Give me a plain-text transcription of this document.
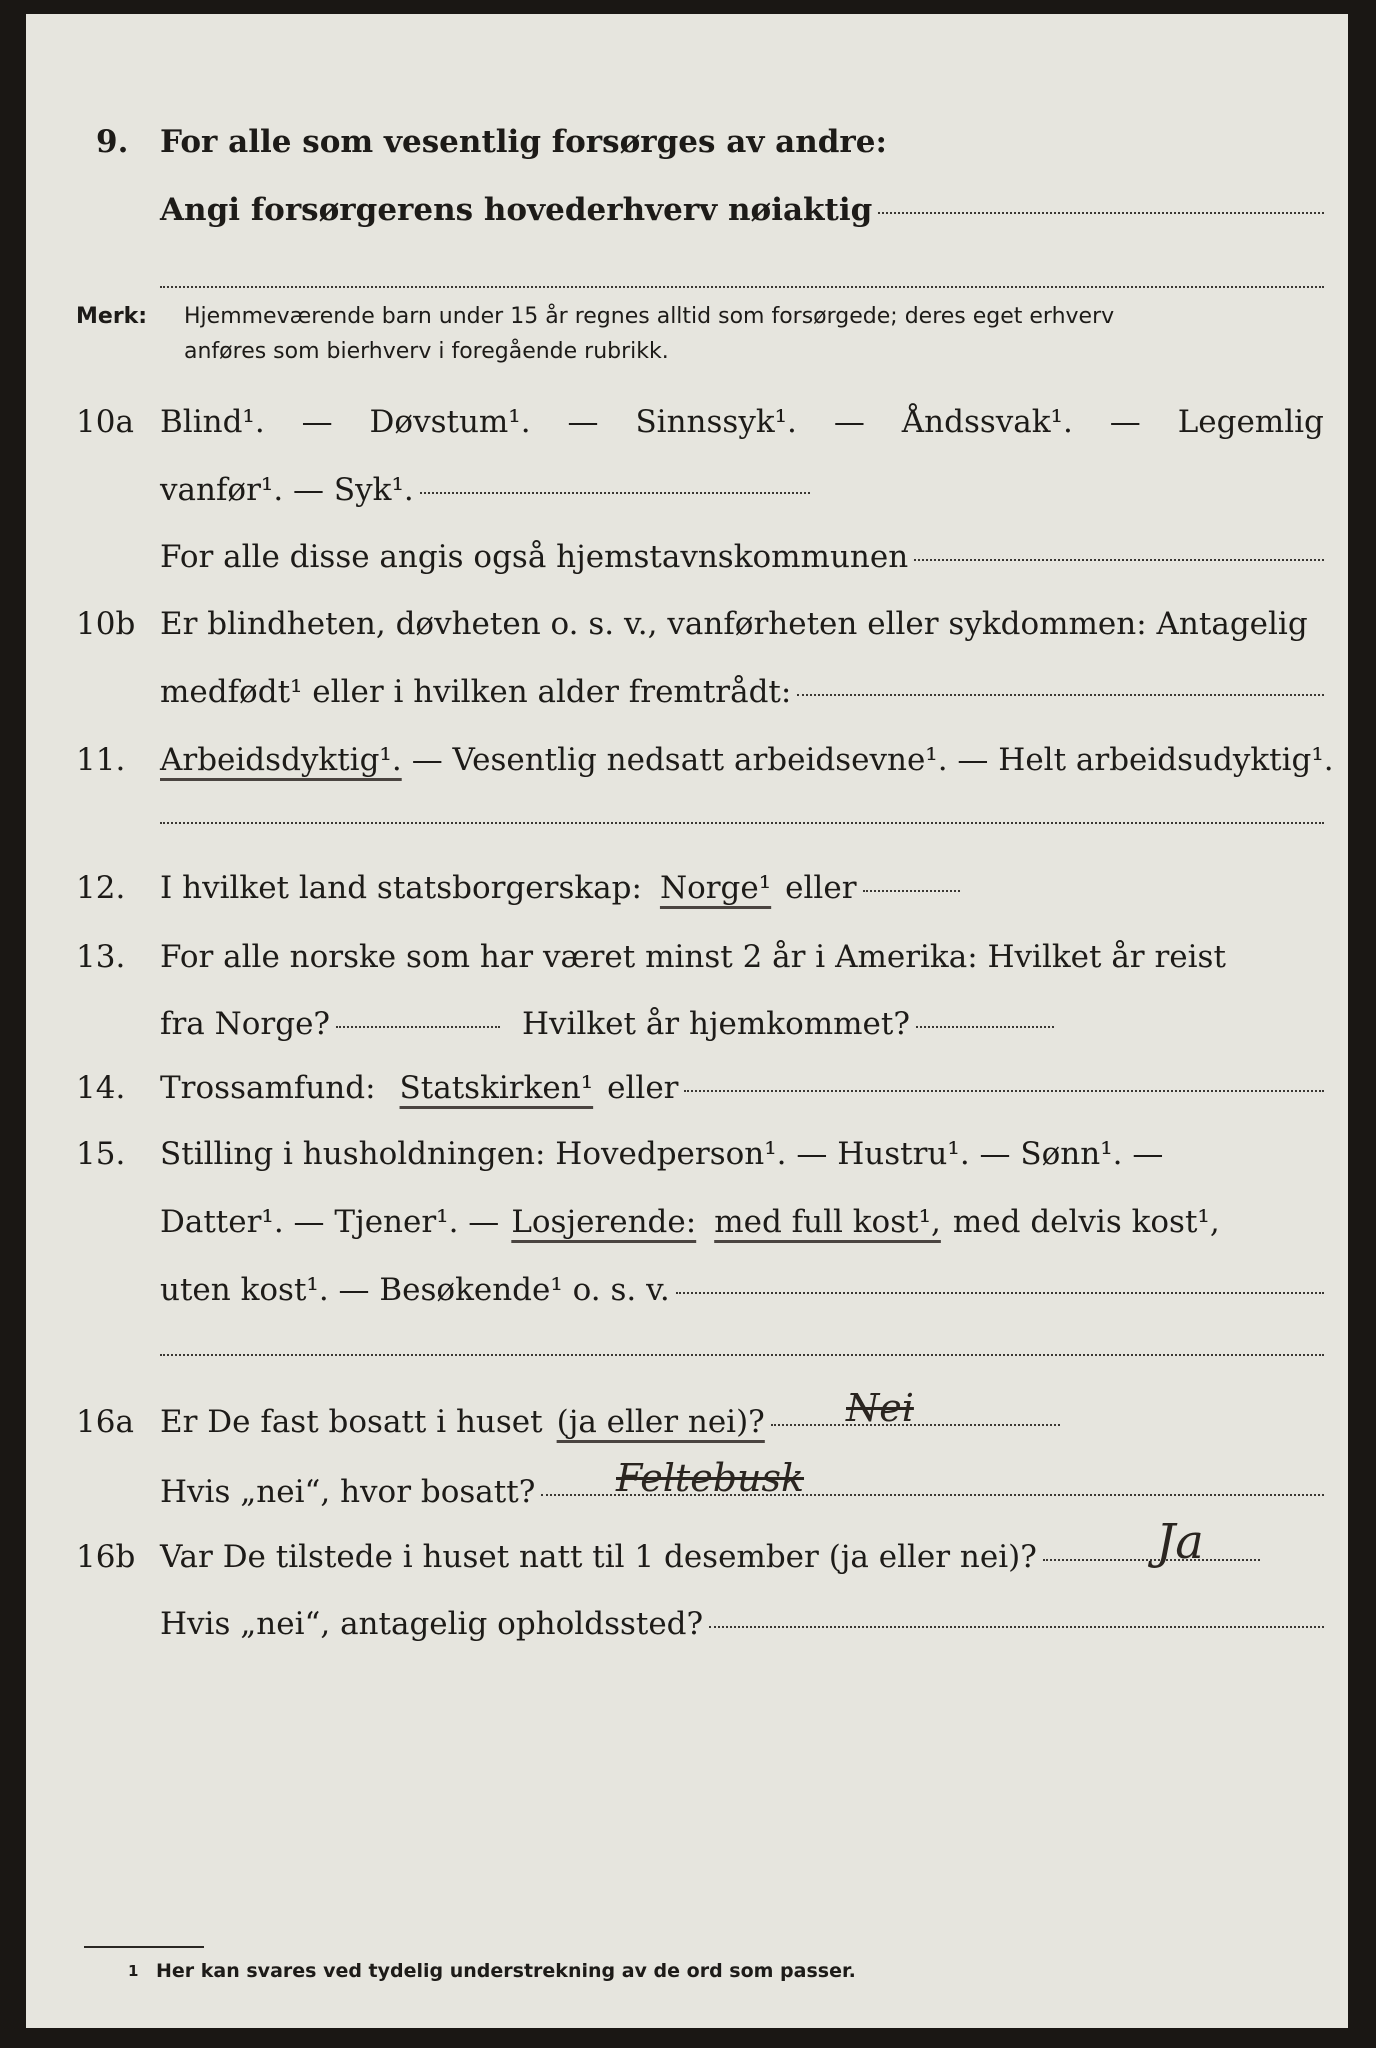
9. For alle som vesentlig forsørges av andre:
Angi forsørgerens hovederhverv nøiaktig
Merk: Hjemmeværende barn under 15 år regnes alltid som forsørgede; deres eget erhverv
anføres som bierhverv i foregående rubrikk.
10a Blind¹. — Døvstum¹. — Sinnssyk¹. — Åndssvak¹. — Legemlig
vanfør¹. — Syk¹.
For alle disse angis også hjemstavnskommunen
10b Er blindheten, døvheten o. s. v., vanførheten eller sykdommen: Antagelig
medfødt¹ eller i hvilken alder fremtrådt:
11. Arbeidsdyktig¹. — Vesentlig nedsatt arbeidsevne¹. — Helt arbeidsudyktig¹.
12. I hvilket land statsborgerskap: Norge¹ eller
13. For alle norske som har været minst 2 år i Amerika: Hvilket år reist
fra Norge?	Hvilket år hjemkommet?
14. Trossamfund: Statskirken¹ eller
15. Stilling i husholdningen: Hovedperson¹. — Hustru¹. — Sønn¹. —
Datter¹. — Tjener¹. — Losjerende: med full kost¹, med delvis kost¹,
uten kost¹. — Besøkende¹ o. s. v.
16a Er De fast bosatt i huset (ja eller nei)? Nei
Hvis „nei“, hvor bosatt? Feltebusk
16b Var De tilstede i huset natt til 1 desember (ja eller nei)? Ja
Hvis „nei“, antagelig opholdssted?
1 Her kan svares ved tydelig understrekning av de ord som passer.
